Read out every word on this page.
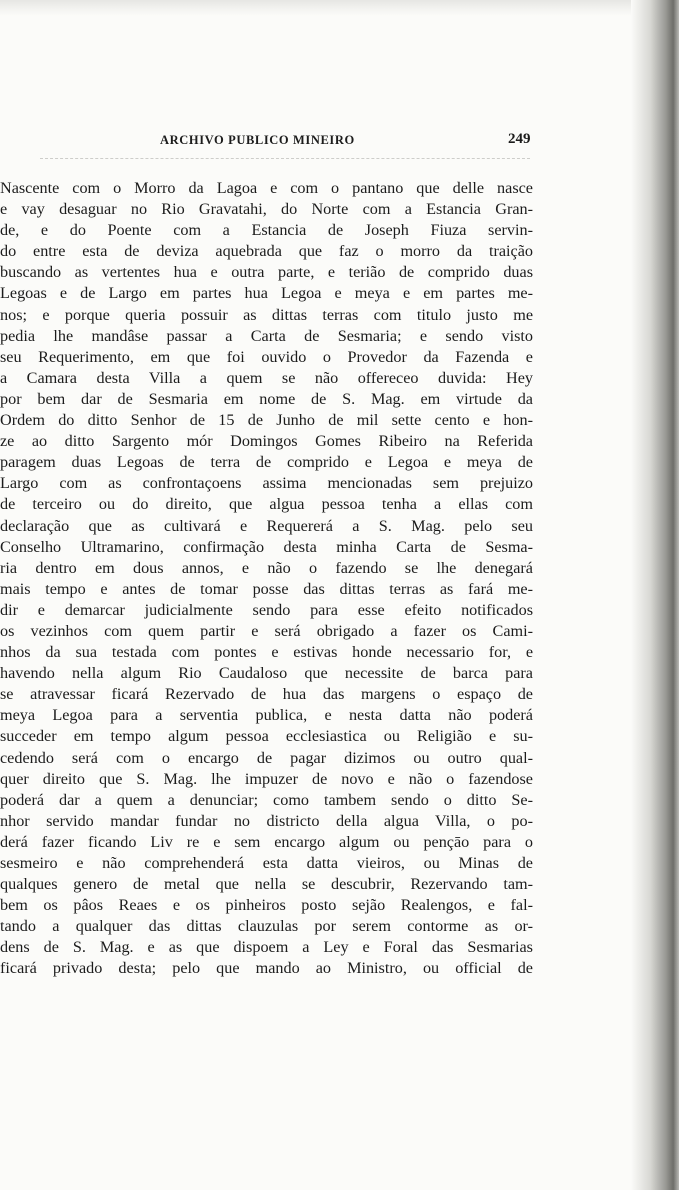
ARCHIVO PUBLICO MINEIRO	249
Nascente com o Morro da Lagoa e com o pantano que delle nasce
e vay desaguar no Rio Gravatahi, do Norte com a Estancia Gran-
de, e do Poente com a Estancia de Joseph Fiuza servin-
do entre esta de deviza aquebrada que faz o morro da traição
buscando as vertentes hua e outra parte, e terião de comprido duas
Legoas e de Largo em partes hua Legoa e meya e em partes me-
nos; e porque queria possuir as dittas terras com titulo justo me
pedia lhe mandâse passar a Carta de Sesmaria; e sendo visto
seu Requerimento, em que foi ouvido o Provedor da Fazenda e
a Camara desta Villa a quem se não offereceo duvida: Hey
por bem dar de Sesmaria em nome de S. Mag. em virtude da
Ordem do ditto Senhor de 15 de Junho de mil sette cento e hon-
ze ao ditto Sargento mór Domingos Gomes Ribeiro na Referida
paragem duas Legoas de terra de comprido e Legoa e meya de
Largo com as confrontaçoens assima mencionadas sem prejuizo
de terceiro ou do direito, que alguа pessoa tenha a ellas com
declaração que as cultivará e Requererá a S. Mag. pelo seu
Conselho Ultramarino, confirmação desta minha Carta de Sesma-
ria dentro em dous annos, e não o fazendo se lhe denegará
mais tempo e antes de tomar posse das dittas terras as fará me-
dir e demarcar judicialmente sendo para esse efeito notificados
os vezinhos com quem partir e será obrigado a fazer os Cami-
nhos da sua testada com pontes e estivas honde necessario for, e
havendo nella algum Rio Caudaloso que necessite de barca para
se atravessar ficará Rezervado de hua das margens o espaço de
meya Legoa para a serventia publica, e nesta datta não poderá
succeder em tempo algum pessoa ecclesiastica ou Religião e su-
cedendo será com o encargo de pagar dizimos ou outro qual-
quer direito que S. Mag. lhe impuzer de novo e não o fazendose
poderá dar a quem a denunciar; como tambem sendo o ditto Se-
nhor servido mandar fundar no districto della algua Villa, o po-
derá fazer ficando Liv re e sem encargo algum ou pençāo para o
sesmeiro e não comprehenderá esta datta vieiros, ou Minas de
qualques genero de metal que nella se descubrir, Rezervando tam-
bem os pâos Reaes e os pinheiros posto sejão Realengos, e fal-
tando a qualquer das dittas clauzulas por serem contorme as or-
dens de S. Mag. e as que dispoem a Ley e Foral das Sesmarias
ficará privado desta; pelo que mando ao Ministro, ou official de
